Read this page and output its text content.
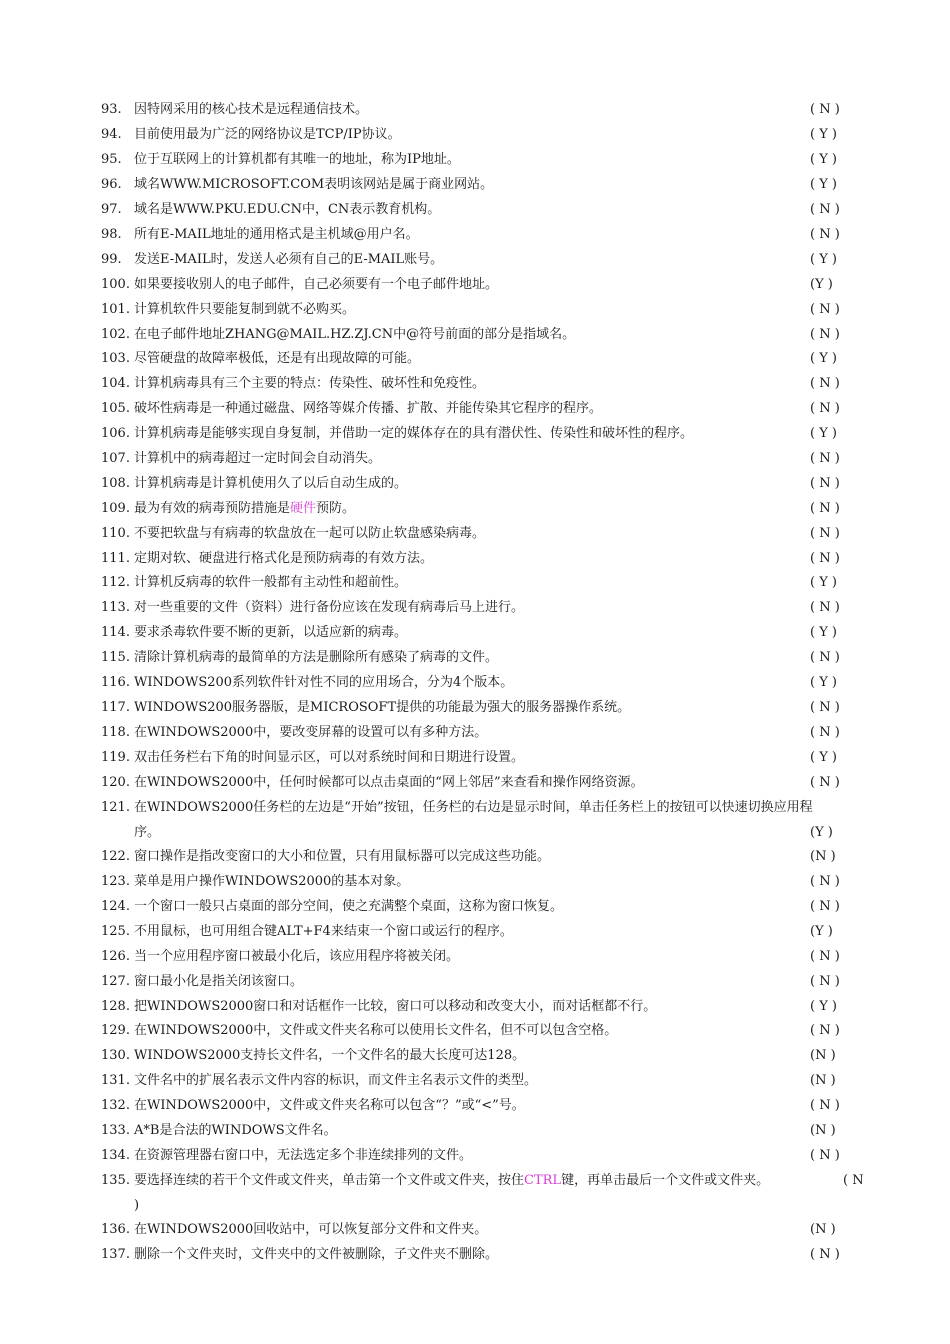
93. 因特网采用的核心技术是远程通信技术。	( N )
94. 目前使用最为广泛的网络协议是TCP/IP协议。	( Y )
95. 位于互联网上的计算机都有其唯一的地址，称为IP地址。	( Y )
96. 域名WWW.MICROSOFT.COM表明该网站是属于商业网站。	( Y )
97. 域名是WWW.PKU.EDU.CN中，CN表示教育机构。	( N )
98. 所有E-MAIL地址的通用格式是主机域@用户名。	( N )
99. 发送E-MAIL时，发送人必须有自己的E-MAIL账号。	( Y )
100. 如果要接收别人的电子邮件，自己必须要有一个电子邮件地址。	(Y )
101. 计算机软件只要能复制到就不必购买。	( N )
102. 在电子邮件地址ZHANG@MAIL.HZ.ZJ.CN中@符号前面的部分是指域名。	( N )
103. 尽管硬盘的故障率极低，还是有出现故障的可能。	( Y )
104. 计算机病毒具有三个主要的特点：传染性、破坏性和免疫性。	( N )
105. 破坏性病毒是一种通过磁盘、网络等媒介传播、扩散、并能传染其它程序的程序。	( N )
106. 计算机病毒是能够实现自身复制，并借助一定的媒体存在的具有潜伏性、传染性和破坏性的程序。	( Y )
107. 计算机中的病毒超过一定时间会自动消失。	( N )
108. 计算机病毒是计算机使用久了以后自动生成的。	( N )
109. 最为有效的病毒预防措施是硬件预防。	( N )
110. 不要把软盘与有病毒的软盘放在一起可以防止软盘感染病毒。	( N )
111. 定期对软、硬盘进行格式化是预防病毒的有效方法。	( N )
112. 计算机反病毒的软件一般都有主动性和超前性。	( Y )
113. 对一些重要的文件（资料）进行备份应该在发现有病毒后马上进行。	( N )
114. 要求杀毒软件要不断的更新，以适应新的病毒。	( Y )
115. 清除计算机病毒的最简单的方法是删除所有感染了病毒的文件。	( N )
116. WINDOWS200系列软件针对性不同的应用场合，分为4个版本。	( Y )
117. WINDOWS200服务器版，是MICROSOFT提供的功能最为强大的服务器操作系统。	( N )
118. 在WINDOWS2000中，要改变屏幕的设置可以有多种方法。	( N )
119. 双击任务栏右下角的时间显示区，可以对系统时间和日期进行设置。	( Y )
120. 在WINDOWS2000中，任何时候都可以点击桌面的“网上邻居”来查看和操作网络资源。	( N )
121. 在WINDOWS2000任务栏的左边是“开始”按钮，任务栏的右边是显示时间，单击任务栏上的按钮可以快速切换应用程
序。	(Y )
122. 窗口操作是指改变窗口的大小和位置，只有用鼠标器可以完成这些功能。	(N )
123. 菜单是用户操作WINDOWS2000的基本对象。	( N )
124. 一个窗口一般只占桌面的部分空间，使之充满整个桌面，这称为窗口恢复。	( N )
125. 不用鼠标，也可用组合键ALT+F4来结束一个窗口或运行的程序。	(Y )
126. 当一个应用程序窗口被最小化后，该应用程序将被关闭。	( N )
127. 窗口最小化是指关闭该窗口。	( N )
128. 把WINDOWS2000窗口和对话框作一比较，窗口可以移动和改变大小，而对话框都不行。	( Y )
129. 在WINDOWS2000中，文件或文件夹名称可以使用长文件名，但不可以包含空格。	( N )
130. WINDOWS2000支持长文件名，一个文件名的最大长度可达128。	(N )
131. 文件名中的扩展名表示文件内容的标识，而文件主名表示文件的类型。	(N )
132. 在WINDOWS2000中，文件或文件夹名称可以包含“？”或“<”号。	( N )
133. A*B是合法的WINDOWS文件名。	(N )
134. 在资源管理器右窗口中，无法选定多个非连续排列的文件。	( N )
135. 要选择连续的若干个文件或文件夹，单击第一个文件或文件夹，按住CTRL键，再单击最后一个文件或文件夹。	( N
)
136. 在WINDOWS2000回收站中，可以恢复部分文件和文件夹。	(N )
137. 删除一个文件夹时，文件夹中的文件被删除，子文件夹不删除。	( N )
